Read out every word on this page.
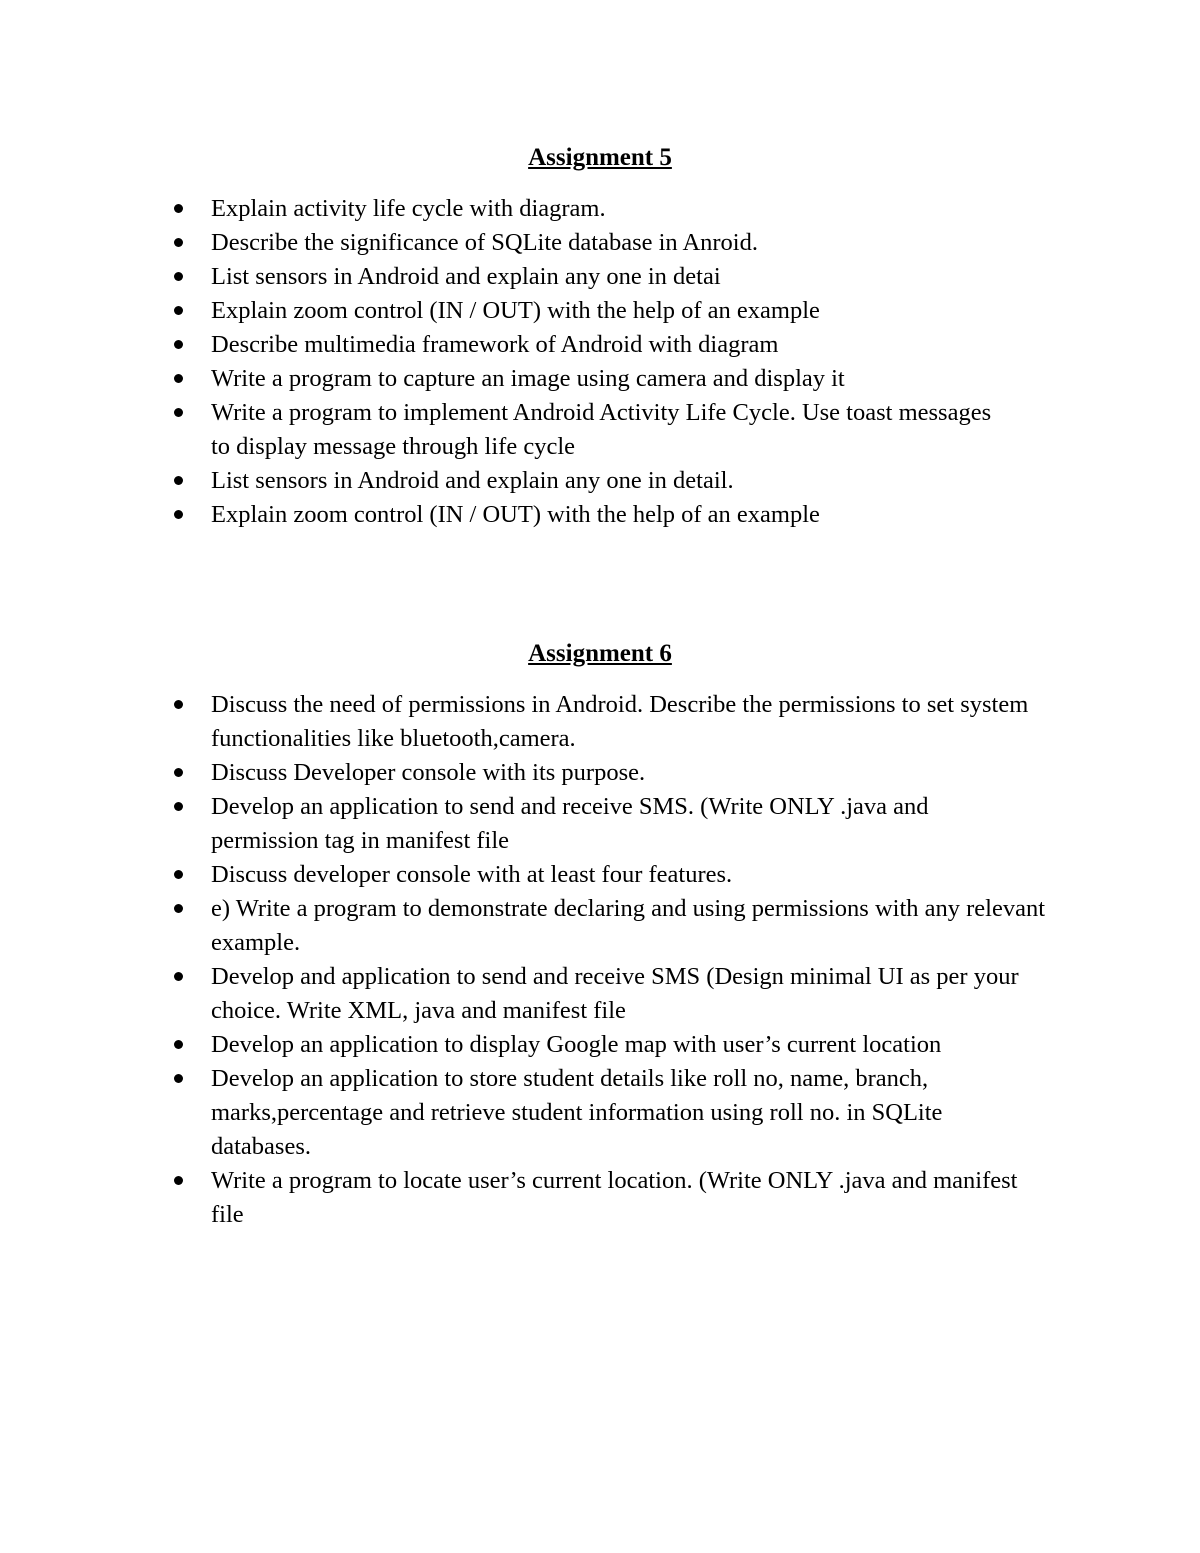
Assignment 5
Explain activity life cycle with diagram.
Describe the significance of SQLite database in Anroid.
List sensors in Android and explain any one in detai
Explain zoom control (IN / OUT) with the help of an example
Describe multimedia framework of Android with diagram
Write a program to capture an image using camera and display it
Write a program to implement Android Activity Life Cycle. Use toast messages to display message through life cycle
List sensors in Android and explain any one in detail.
Explain zoom control (IN / OUT) with the help of an example
Assignment 6
Discuss the need of permissions in Android. Describe the permissions to set system functionalities like bluetooth,camera.
Discuss Developer console with its purpose.
Develop an application to send and receive SMS. (Write ONLY .java and permission tag in manifest file
Discuss developer console with at least four features.
e) Write a program to demonstrate declaring and using permissions with any relevant example.
Develop and application to send and receive SMS (Design minimal UI as per your choice. Write XML, java and manifest file
Develop an application to display Google map with user’s current location
Develop an application to store student details like roll no, name, branch, marks,percentage and retrieve student information using roll no. in SQLite databases.
Write a program to locate user’s current location. (Write ONLY .java and manifest file
